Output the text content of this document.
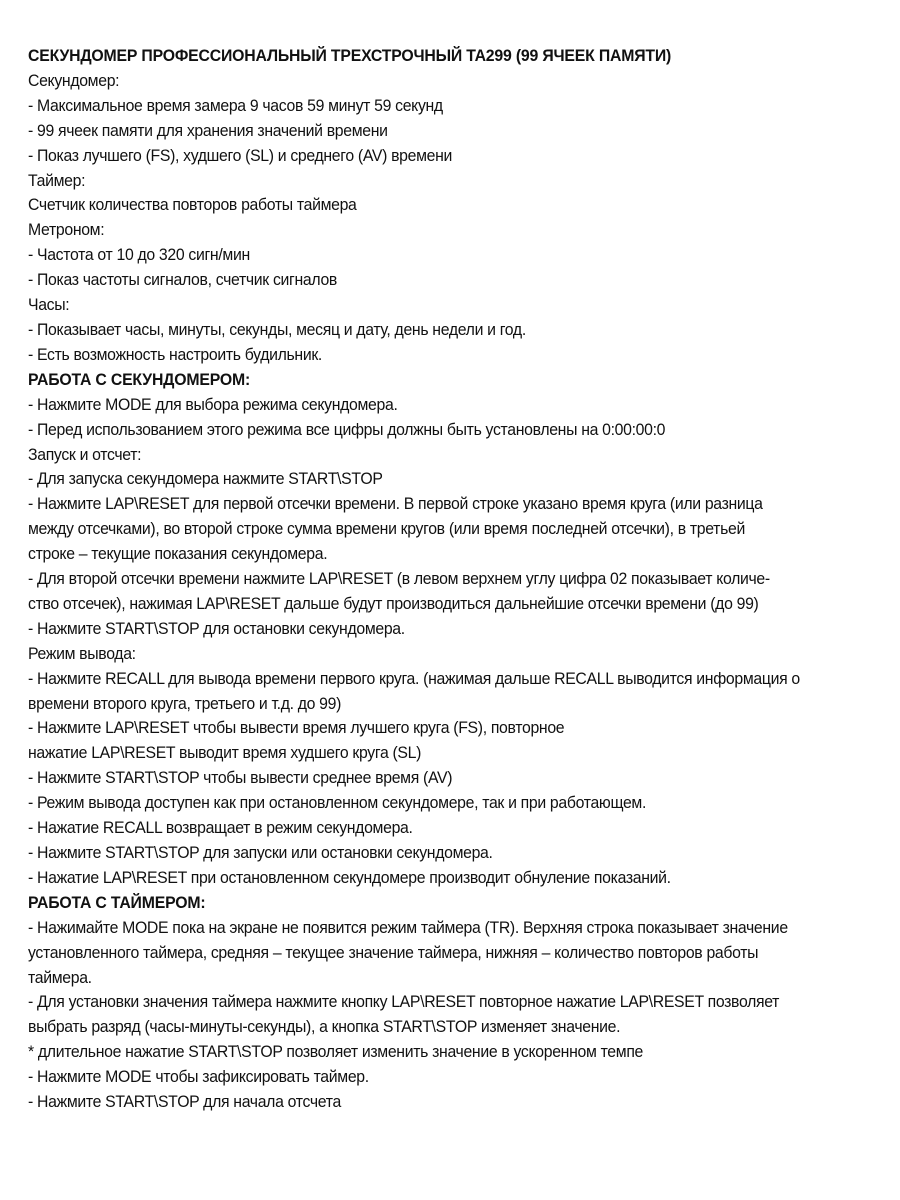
СЕКУНДОМЕР ПРОФЕССИОНАЛЬНЫЙ ТРЕХСТРОЧНЫЙ TA299 (99 ЯЧЕЕК ПАМЯТИ)
Секундомер:
- Максимальное время замера 9 часов 59 минут 59 секунд
- 99 ячеек памяти для хранения значений времени
- Показ лучшего (FS), худшего (SL) и среднего (AV) времени
Таймер:
Счетчик количества повторов работы таймера
Метроном:
- Частота от 10 до 320 сигн/мин
- Показ частоты сигналов, счетчик сигналов
Часы:
- Показывает часы, минуты, секунды, месяц и дату, день недели и год.
- Есть возможность настроить будильник.
РАБОТА С СЕКУНДОМЕРОМ:
- Нажмите MODE для выбора режима секундомера.
- Перед использованием этого режима все цифры должны быть установлены на 0:00:00:0
Запуск и отсчет:
- Для запуска секундомера нажмите START\STOP
- Нажмите LAP\RESET для первой отсечки времени. В первой строке указано время круга (или разница
между отсечками), во второй строке сумма времени кругов (или время последней отсечки), в третьей
строке – текущие показания секундомера.
- Для второй отсечки времени нажмите LAP\RESET (в левом верхнем углу цифра 02 показывает количе-
ство отсечек), нажимая LAP\RESET дальше будут производиться дальнейшие отсечки времени (до 99)
- Нажмите START\STOP для остановки секундомера.
Режим вывода:
- Нажмите RECALL для вывода времени первого круга. (нажимая дальше RECALL выводится информация о
времени второго круга, третьего и т.д. до 99)
- Нажмите LAP\RESET чтобы вывести время лучшего круга (FS), повторное
нажатие LAP\RESET выводит время худшего круга (SL)
- Нажмите START\STOP чтобы вывести среднее время (AV)
- Режим вывода доступен как при остановленном секундомере, так и при работающем.
- Нажатие RECALL возвращает в режим секундомера.
- Нажмите START\STOP для запуски или остановки секундомера.
- Нажатие LAP\RESET при остановленном секундомере производит обнуление показаний.
РАБОТА С ТАЙМЕРОМ:
- Нажимайте MODE пока на экране не появится режим таймера (TR). Верхняя строка показывает значение
установленного таймера, средняя – текущее значение таймера, нижняя – количество повторов работы
таймера.
- Для установки значения таймера нажмите кнопку LAP\RESET повторное нажатие LAP\RESET позволяет
выбрать разряд (часы-минуты-секунды), а кнопка START\STOP изменяет значение.
* длительное нажатие START\STOP позволяет изменить значение в ускоренном темпе
- Нажмите MODE чтобы зафиксировать таймер.
- Нажмите START\STOP для начала отсчета
